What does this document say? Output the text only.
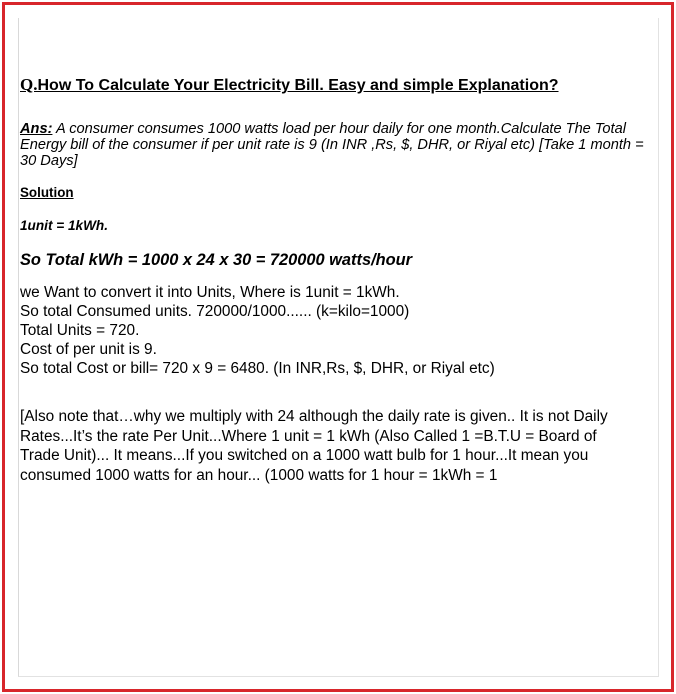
Q.How To Calculate Your Electricity Bill. Easy and simple Explanation?

Ans: A consumer consumes 1000 watts load per hour daily for one month.Calculate The Total Energy bill of the consumer if per unit rate is 9 (In INR ,Rs, $, DHR, or Riyal etc) [Take 1 month = 30 Days]
Solution
1unit = 1kWh.
So Total kWh = 1000 x 24 x 30 = 720000 watts/hour
we Want to convert it into Units, Where is 1unit = 1kWh.
So total Consumed units. 720000/1000...... (k=kilo=1000)
Total Units = 720.
Cost of per unit is 9.
So total Cost or bill= 720 x 9 = 6480. (In INR,Rs, $, DHR, or Riyal etc)
[Also note that…why we multiply with 24 although the daily rate is given.. It is not Daily Rates...It’s the rate Per Unit...Where 1 unit = 1 kWh (Also Called 1 =B.T.U = Board of Trade Unit)... It means...If you switched on a 1000 watt bulb for 1 hour...It mean you consumed 1000 watts for an hour... (1000 watts for 1 hour = 1kWh = 1
